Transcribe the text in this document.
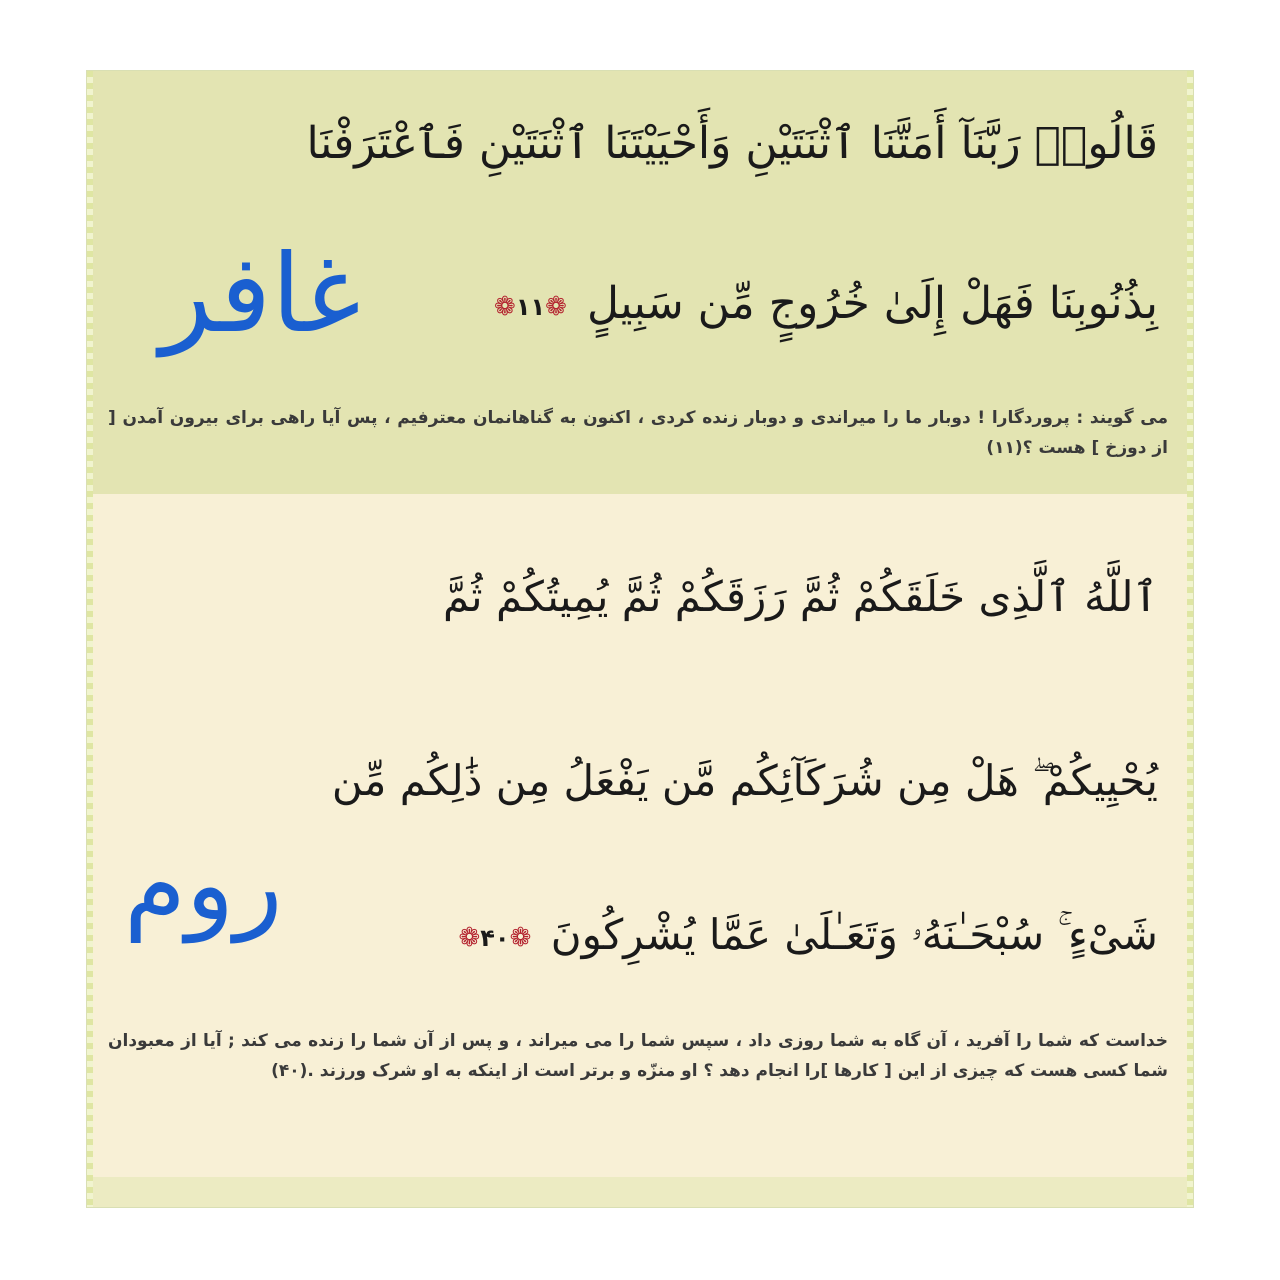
قَالُوا۟ رَبَّنَآ أَمَتَّنَا ٱثْنَتَيْنِ وَأَحْيَيْتَنَا ٱثْنَتَيْنِ فَٱعْتَرَفْنَا
بِذُنُوبِنَا فَهَلْ إِلَىٰ خُرُوجٍ مِّن سَبِيلٍ ❁١١❁
غافر
می گویند : پروردگارا ! دوبار ما را میراندی و دوبار زنده کردی ، اکنون به گناهانمان معترفیم ، پس آیا راهی برای بیرون آمدن [ از دوزخ ] هست ؟(۱۱)
ٱللَّهُ ٱلَّذِى خَلَقَكُمْ ثُمَّ رَزَقَكُمْ ثُمَّ يُمِيتُكُمْ ثُمَّ
يُحْيِيكُمْ ۖ هَلْ مِن شُرَكَآئِكُم مَّن يَفْعَلُ مِن ذَٰلِكُم مِّن
شَىْءٍ ۚ سُبْحَـٰنَهُۥ وَتَعَـٰلَىٰ عَمَّا يُشْرِكُونَ ❁۴۰❁
روم
خداست که شما را آفرید ، آن گاه به شما روزی داد ، سپس شما را می میراند ، و پس از آن شما را زنده می کند ; آیا از معبودان شما کسی هست که چیزی از این [ کارها ]را انجام دهد ؟ او منزّه و برتر است از اینکه به او شرک ورزند .(۴۰)
